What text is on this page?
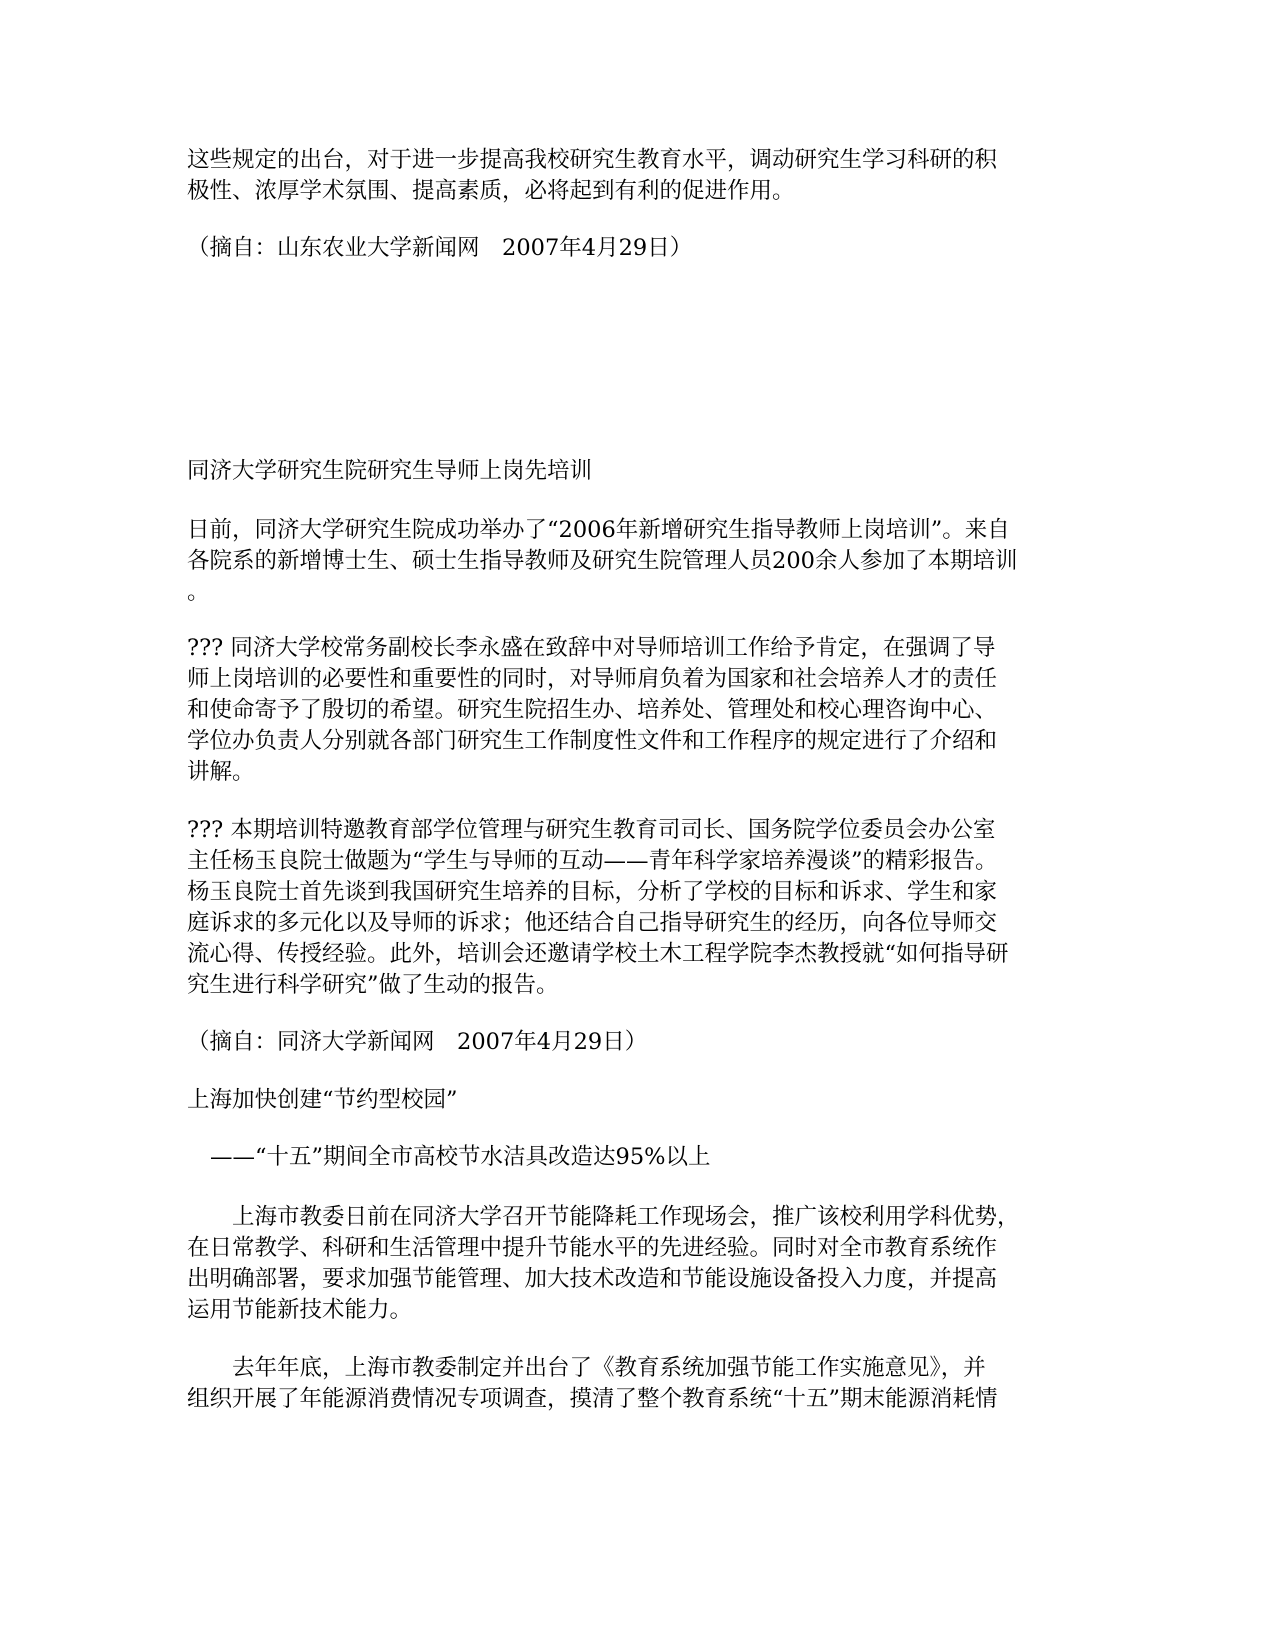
这些规定的出台，对于进一步提高我校研究生教育水平，调动研究生学习科研的积
极性、浓厚学术氛围、提高素质，必将起到有利的促进作用。
（摘自：山东农业大学新闻网　2007年4月29日）
同济大学研究生院研究生导师上岗先培训
日前，同济大学研究生院成功举办了“2006年新增研究生指导教师上岗培训”。来自
各院系的新增博士生、硕士生指导教师及研究生院管理人员200余人参加了本期培训
。
??? 同济大学校常务副校长李永盛在致辞中对导师培训工作给予肯定，在强调了导
师上岗培训的必要性和重要性的同时，对导师肩负着为国家和社会培养人才的责任
和使命寄予了殷切的希望。研究生院招生办、培养处、管理处和校心理咨询中心、
学位办负责人分别就各部门研究生工作制度性文件和工作程序的规定进行了介绍和
讲解。
??? 本期培训特邀教育部学位管理与研究生教育司司长、国务院学位委员会办公室
主任杨玉良院士做题为“学生与导师的互动——青年科学家培养漫谈”的精彩报告。
杨玉良院士首先谈到我国研究生培养的目标，分析了学校的目标和诉求、学生和家
庭诉求的多元化以及导师的诉求；他还结合自己指导研究生的经历，向各位导师交
流心得、传授经验。此外，培训会还邀请学校土木工程学院李杰教授就“如何指导研
究生进行科学研究”做了生动的报告。
（摘自：同济大学新闻网　2007年4月29日）
上海加快创建“节约型校园”
——“十五”期间全市高校节水洁具改造达95%以上
　　上海市教委日前在同济大学召开节能降耗工作现场会，推广该校利用学科优势，
在日常教学、科研和生活管理中提升节能水平的先进经验。同时对全市教育系统作
出明确部署，要求加强节能管理、加大技术改造和节能设施设备投入力度，并提高
运用节能新技术能力。
　　去年年底，上海市教委制定并出台了《教育系统加强节能工作实施意见》，并
组织开展了年能源消费情况专项调查，摸清了整个教育系统“十五”期末能源消耗情
